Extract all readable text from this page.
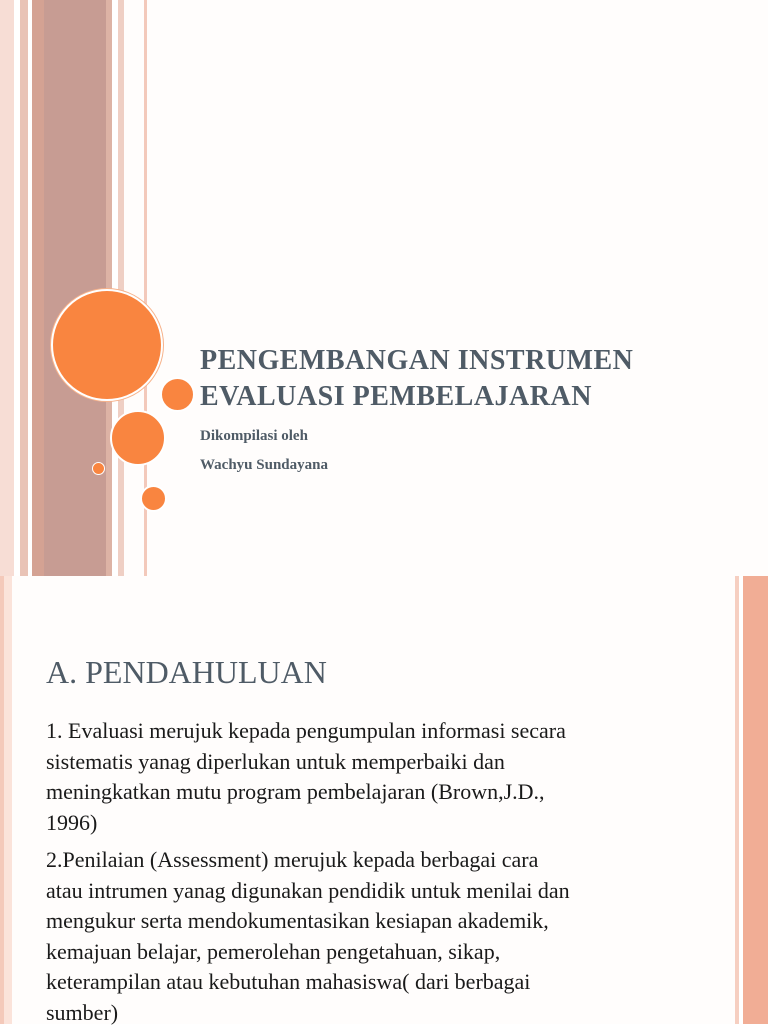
PENGEMBANGAN INSTRUMEN
EVALUASI PEMBELAJARAN

Dikompilasi oleh

Wachyu Sundayana

A. PENDAHULUAN

1. Evaluasi merujuk kepada pengumpulan informasi secara
sistematis yanag diperlukan untuk memperbaiki dan
meningkatkan mutu program pembelajaran (Brown,J.D.,
1996)

2.Penilaian (Assessment) merujuk kepada berbagai cara
atau intrumen yanag digunakan pendidik untuk menilai dan
mengukur serta mendokumentasikan kesiapan akademik,
kemajuan belajar, pemerolehan pengetahuan, sikap,
keterampilan atau kebutuhan mahasiswa( dari berbagai
sumber)
